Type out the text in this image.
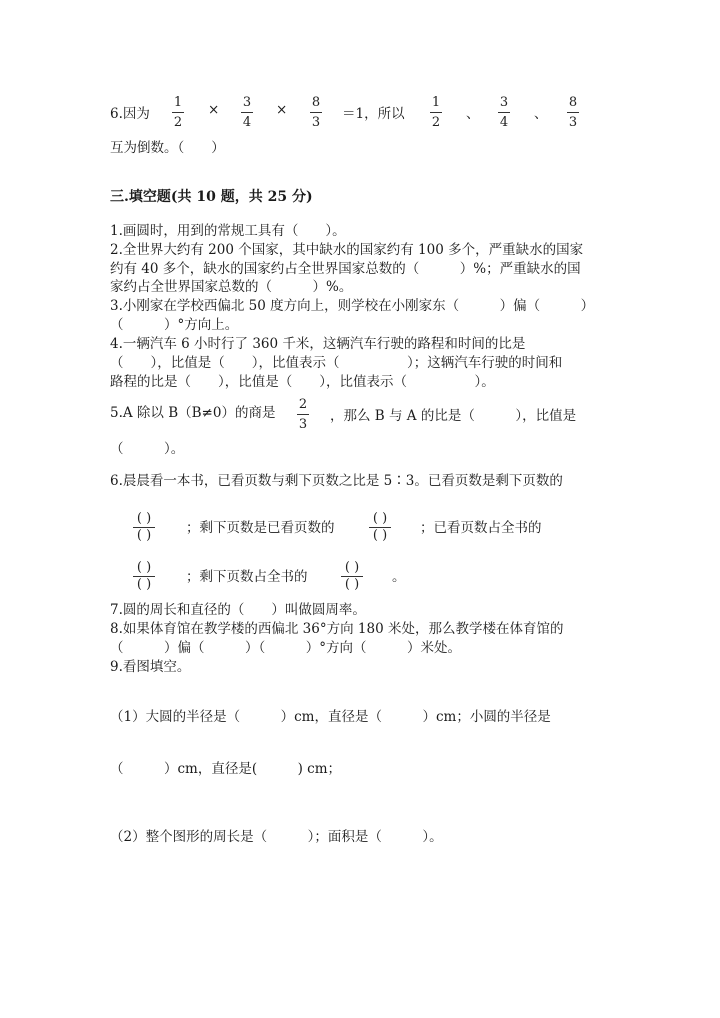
6.因为
1
2
× 3
4
× 8
3
＝1，所以
1
2
、
3
4
、
8
3
互为倒数。（　　）
三.填空题(共 10 题，共 25 分)
1.画圆时，用到的常规工具有（　　）。
2.全世界大约有 200 个国家，其中缺水的国家约有 100 多个，严重缺水的国家
约有 40 多个，缺水的国家约占全世界国家总数的（　　　）%；严重缺水的国
家约占全世界国家总数的（　　　）%。
3.小刚家在学校西偏北 50 度方向上，则学校在小刚家东（　　　）偏（　　　）
（　　　）°方向上。
4.一辆汽车 6 小时行了 360 千米，这辆汽车行驶的路程和时间的比是
（　　），比值是（　　），比值表示（　　　　　）；这辆汽车行驶的时间和
路程的比是（　　），比值是（　　），比值表示（　　　　　）。
5.A 除以 B（B≠0）的商是
2
3
，那么 B 与 A 的比是（　　　），比值是
（　　　）。
6.晨晨看一本书，已看页数与剩下页数之比是 5∶3。已看页数是剩下页数的
( )
( )	；剩下页数是已看页数的
( )
( ) ；已看页数占全书的
( )
( )	；剩下页数占全书的
( )
( ) 。
7.圆的周长和直径的（　　）叫做圆周率。
8.如果体育馆在教学楼的西偏北 36°方向 180 米处，那么教学楼在体育馆的
（　　　）偏（　　　）（　　　）°方向（　　　）米处。
9.看图填空。
（1）大圆的半径是（　　　）cm，直径是（　　　）cm；小圆的半径是
（　　　）cm，直径是(　　　) cm；
（2）整个图形的周长是（　　　）；面积是（　　　）。
